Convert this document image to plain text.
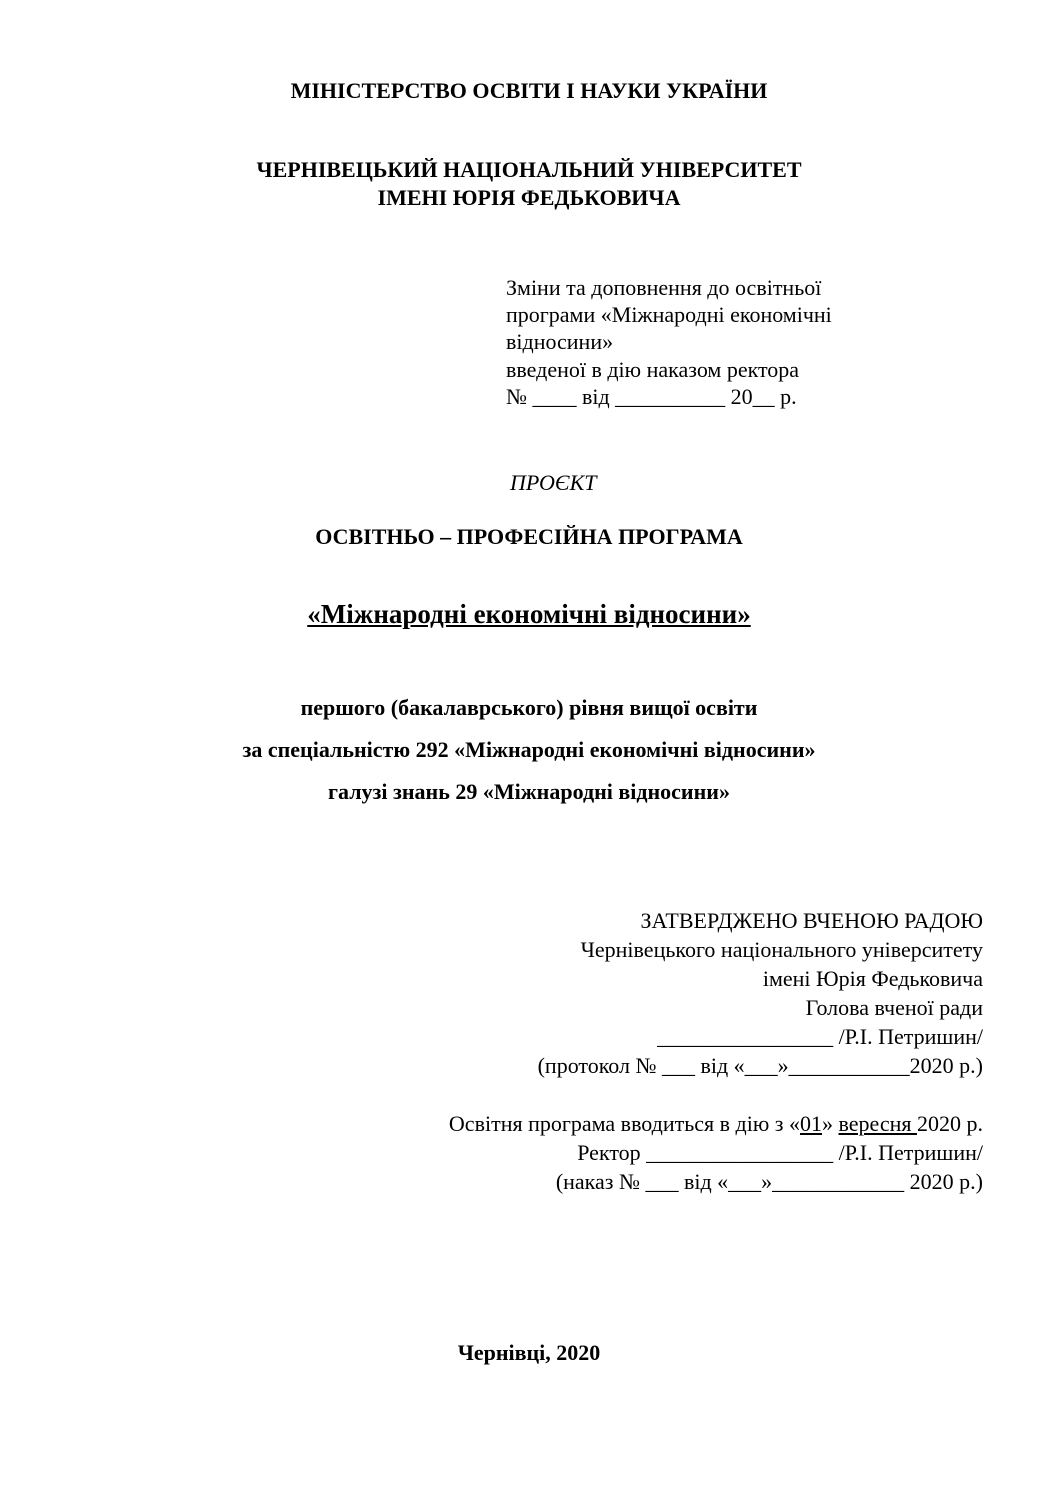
МІНІСТЕРСТВО ОСВІТИ І НАУКИ УКРАЇНИ
ЧЕРНІВЕЦЬКИЙ НАЦІОНАЛЬНИЙ УНІВЕРСИТЕТ
ІМЕНІ ЮРІЯ ФЕДЬКОВИЧА
Зміни та доповнення до освітньої
програми «Міжнародні економічні
відносини»
введеної в дію наказом ректора
№ ____ від __________ 20__ р.
ПРОЄКТ
ОСВІТНЬО – ПРОФЕСІЙНА ПРОГРАМА
«Міжнародні економічні відносини»
першого (бакалаврського) рівня вищої освіти
за спеціальністю 292 «Міжнародні економічні відносини»
галузі знань 29 «Міжнародні відносини»
ЗАТВЕРДЖЕНО ВЧЕНОЮ РАДОЮ
Чернівецького національного університету
імені Юрія Федьковича
Голова вченої ради
________________ /Р.І. Петришин/
(протокол № ___ від «___»___________2020 р.)
Освітня програма вводиться в дію з «01» вересня 2020 р.
Ректор _________________ /Р.І. Петришин/
(наказ № ___ від «___»____________ 2020 р.)
Чернівці, 2020
